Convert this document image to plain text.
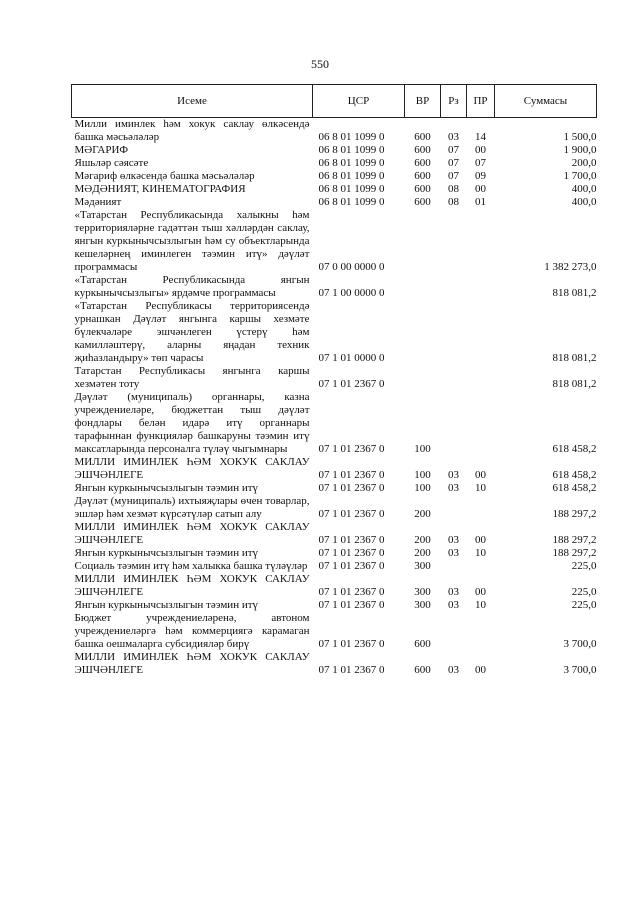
550
Исеме	ЦСР	ВР	Рз	ПР	Суммасы
Милли иминлек һәм хокук саклау өлкәсендә башка мәсьәләләр	06 8 01 1099 0	600	03	14	1 500,0
МӘГАРИФ	06 8 01 1099 0	600	07	00	1 900,0
Яшьләр сәясәте	06 8 01 1099 0	600	07	07	200,0
Мәгариф өлкәсендә башка мәсьәләләр	06 8 01 1099 0	600	07	09	1 700,0
МӘДӘНИЯТ, КИНЕМАТОГРАФИЯ	06 8 01 1099 0	600	08	00	400,0
Мәдәният	06 8 01 1099 0	600	08	01	400,0
«Татарстан Республикасында халыкны һәм территорияләрне гадәттән тыш хәлләрдән саклау, янгын куркынычсызлыгын һәм су объектларында кешеләрнең иминлеген тәэмин итү» дәүләт программасы	07 0 00 0000 0				1 382 273,0
«Татарстан Республикасында янгын куркынычсызлыгы» ярдәмче программасы	07 1 00 0000 0				818 081,2
«Татарстан Республикасы территориясендә урнашкан Дәүләт янгынга каршы хезмәте бүлекчәләре эшчәнлеген үстерү һәм камилләштерү, аларны яңадан техник җиһазландыру» төп чарасы	07 1 01 0000 0				818 081,2
Татарстан Республикасы янгынга каршы хезмәтен тоту	07 1 01 2367 0				818 081,2
Дәүләт (муниципаль) органнары, казна учреждениеләре, бюджеттан тыш дәүләт фондлары белән идарә итү органнары тарафыннан функцияләр башкаруны тәэмин итү максатларында персоналга түләү чыгымнары	07 1 01 2367 0	100			618 458,2
МИЛЛИ ИМИНЛЕК ҺӘМ ХОКУК САКЛАУ ЭШЧӘНЛЕГЕ	07 1 01 2367 0	100	03	00	618 458,2
Янгын куркынычсызлыгын тәэмин итү	07 1 01 2367 0	100	03	10	618 458,2
Дәүләт (муниципаль) ихтыяҗлары өчен товарлар, эшләр һәм хезмәт күрсәтүләр сатып алу	07 1 01 2367 0	200			188 297,2
МИЛЛИ ИМИНЛЕК ҺӘМ ХОКУК САКЛАУ ЭШЧӘНЛЕГЕ	07 1 01 2367 0	200	03	00	188 297,2
Янгын куркынычсызлыгын тәэмин итү	07 1 01 2367 0	200	03	10	188 297,2
Социаль тәэмин итү һәм халыкка башка түләүләр	07 1 01 2367 0	300			225,0
МИЛЛИ ИМИНЛЕК ҺӘМ ХОКУК САКЛАУ ЭШЧӘНЛЕГЕ	07 1 01 2367 0	300	03	00	225,0
Янгын куркынычсызлыгын тәэмин итү	07 1 01 2367 0	300	03	10	225,0
Бюджет учреждениеләренә, автоном учреждениеләргә һәм коммерциягә карамаган башка оешмаларга субсидияләр бирү	07 1 01 2367 0	600			3 700,0
МИЛЛИ ИМИНЛЕК ҺӘМ ХОКУК САКЛАУ ЭШЧӘНЛЕГЕ	07 1 01 2367 0	600	03	00	3 700,0
